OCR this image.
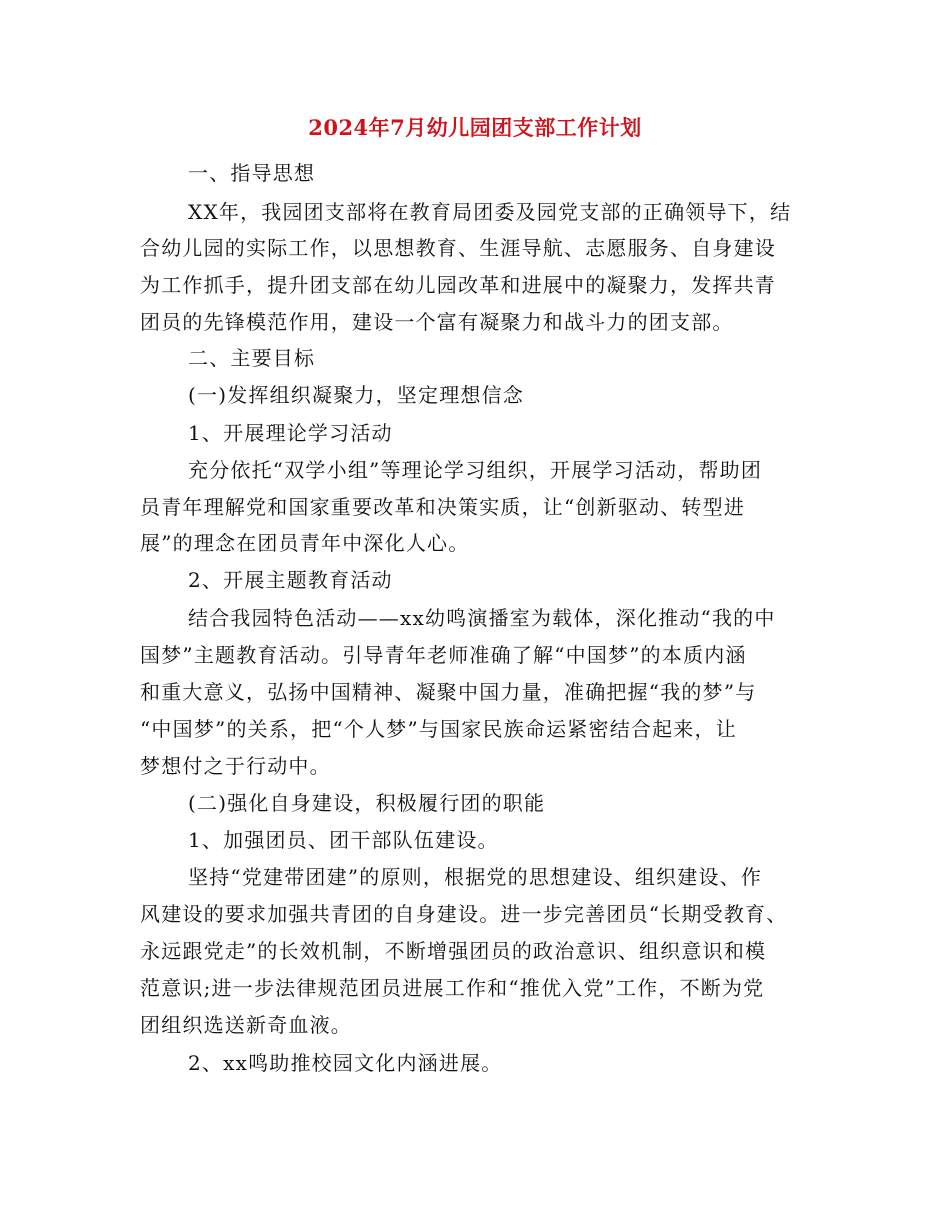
2024年7月幼儿园团支部工作计划
一、指导思想
XX年，我园团支部将在教育局团委及园党支部的正确领导下，结
合幼儿园的实际工作，以思想教育、生涯导航、志愿服务、自身建设
为工作抓手，提升团支部在幼儿园改革和进展中的凝聚力，发挥共青
团员的先锋模范作用，建设一个富有凝聚力和战斗力的团支部。
二、主要目标
(一)发挥组织凝聚力，坚定理想信念
1、开展理论学习活动
充分依托“双学小组”等理论学习组织，开展学习活动，帮助团
员青年理解党和国家重要改革和决策实质，让“创新驱动、转型进
展”的理念在团员青年中深化人心。
2、开展主题教育活动
结合我园特色活动——xx幼鸣演播室为载体，深化推动“我的中
国梦”主题教育活动。引导青年老师准确了解“中国梦”的本质内涵
和重大意义，弘扬中国精神、凝聚中国力量，准确把握“我的梦”与
“中国梦”的关系，把“个人梦”与国家民族命运紧密结合起来，让
梦想付之于行动中。
(二)强化自身建设，积极履行团的职能
1、加强团员、团干部队伍建设。
坚持“党建带团建”的原则，根据党的思想建设、组织建设、作
风建设的要求加强共青团的自身建设。进一步完善团员“长期受教育、
永远跟党走”的长效机制，不断增强团员的政治意识、组织意识和模
范意识;进一步法律规范团员进展工作和“推优入党”工作，不断为党
团组织选送新奇血液。
2、xx鸣助推校园文化内涵进展。
